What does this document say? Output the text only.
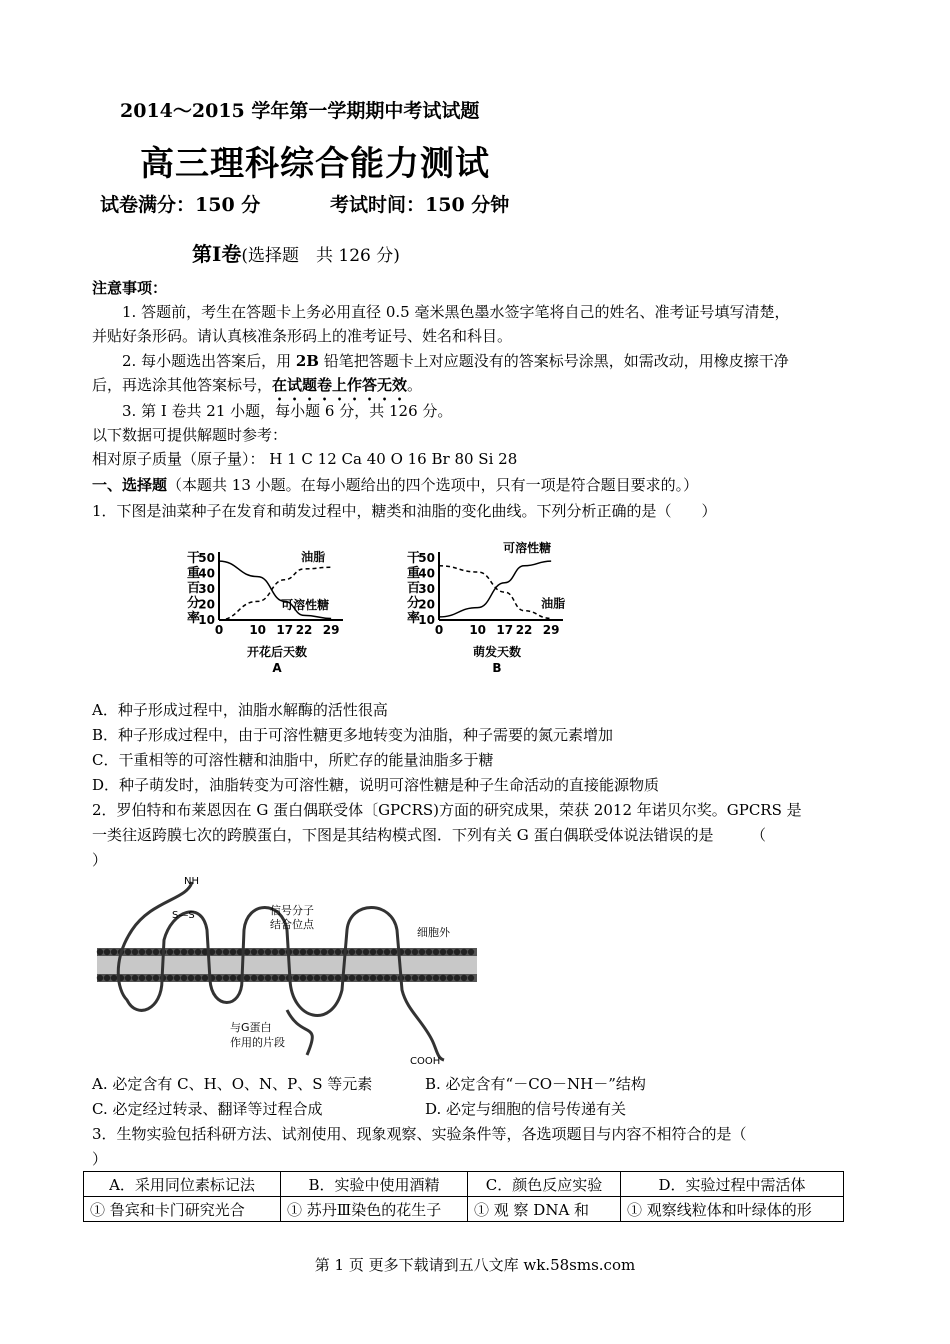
2014～2015 学年第一学期期中考试试题
高三理科综合能力测试
试卷满分：150 分	考试时间：150 分钟
第Ⅰ卷(选择题　共 126 分)
注意事项：
1. 答题前，考生在答题卡上务必用直径 0.5 毫米黑色墨水签字笔将自己的姓名、准考证号填写清楚，
并贴好条形码。请认真核准条形码上的准考证号、姓名和科目。
2. 每小题选出答案后，用 2B 铅笔把答题卡上对应题没有的答案标号涂黑，如需改动，用橡皮擦干净
后，再选涂其他答案标号，在试题卷上作答无效。
3. 第 I 卷共 21 小题，每小题 6 分，共 126 分。
以下数据可提供解题时参考：
相对原子质量（原子量）： H 1 C 12 Ca 40 O 16 Br 80 Si 28
一、选择题（本题共 13 小题。在每小题给出的四个选项中，只有一项是符合题目要求的。）
1．下图是油菜种子在发育和萌发过程中，糖类和油脂的变化曲线。下列分析正确的是（　　）
干
重
百
分
率
10
20
30
40
50
0 10 17 22 29
开花后天数
A
油脂
可溶性糖
干
重
百
分
率
10
20
30
40
50
0 10 17 22 29
萌发天数
B
可溶性糖
油脂
A．种子形成过程中，油脂水解酶的活性很高
B．种子形成过程中，由于可溶性糖更多地转变为油脂，种子需要的氮元素增加
C．干重相等的可溶性糖和油脂中，所贮存的能量油脂多于糖
D．种子萌发时，油脂转变为可溶性糖，说明可溶性糖是种子生命活动的直接能源物质
2．罗伯特和布莱恩因在 G 蛋白偶联受体〔GPCRS)方面的研究成果，荣获 2012 年诺贝尔奖。GPCRS 是
一类往返跨膜七次的跨膜蛋白，下图是其结构模式图．下列有关 G 蛋白偶联受体说法错误的是　　　（
）
NH
S—S	信号分子
结合位点
细胞外
与G蛋白
作用的片段
COOH
A. 必定含有 C、H、O、N、P、S 等元素	B. 必定含有“－CO－NH－”结构
C. 必定经过转录、翻译等过程合成	D. 必定与细胞的信号传递有关
3．生物实验包括科研方法、试剂使用、现象观察、实验条件等，各选项题目与内容不相符合的是（
）
A．采用同位素标记法	B．实验中使用酒精	C．颜色反应实验	D．实验过程中需活体
① 鲁宾和卡门研究光合	① 苏丹Ⅲ染色的花生子	① 观 察 DNA 和	① 观察线粒体和叶绿体的形
第 1 页 更多下载请到五八文库 wk.58sms.com
